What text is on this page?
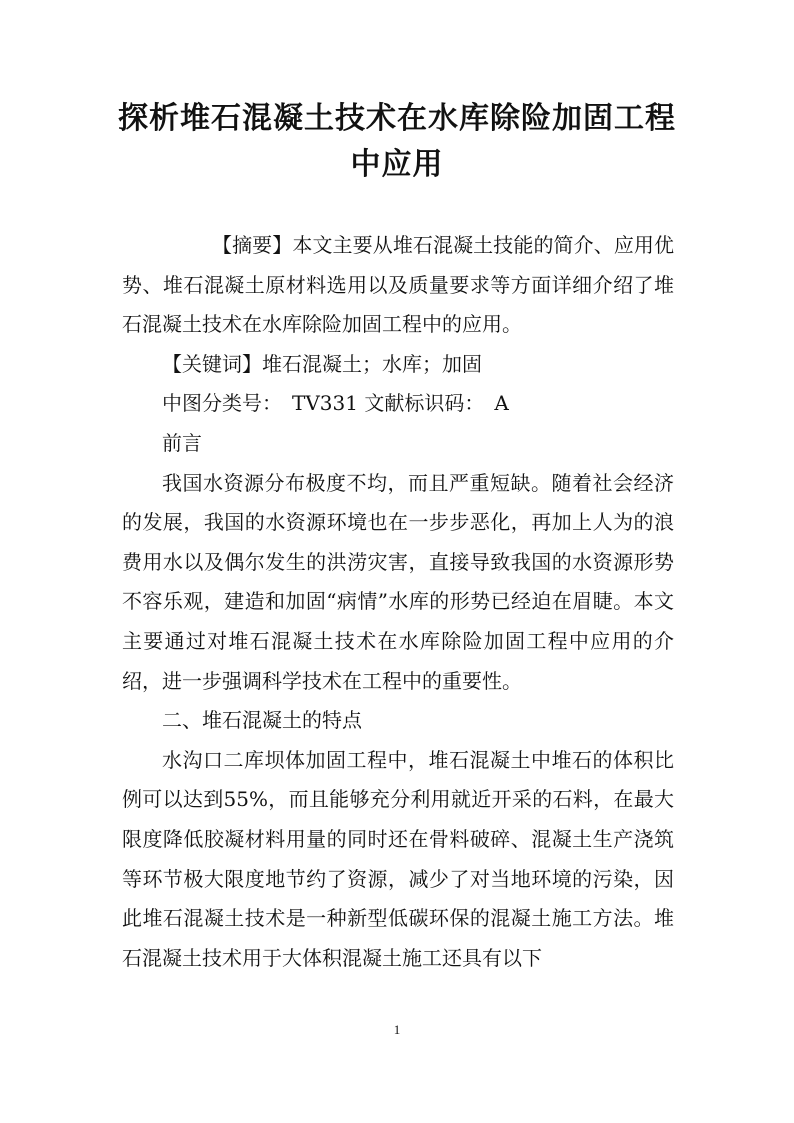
探析堆石混凝土技术在水库除险加固工程
中应用

【摘要】本文主要从堆石混凝土技能的简介、应用优势、堆石混凝土原材料选用以及质量要求等方面详细介绍了堆石混凝土技术在水库除险加固工程中的应用。

【关键词】堆石混凝土；水库；加固

中图分类号：　TV331 文献标识码：　A

前言

我国水资源分布极度不均，而且严重短缺。随着社会经济的发展，我国的水资源环境也在一步步恶化，再加上人为的浪费用水以及偶尔发生的洪涝灾害，直接导致我国的水资源形势不容乐观，建造和加固“病情”水库的形势已经迫在眉睫。本文主要通过对堆石混凝土技术在水库除险加固工程中应用的介绍，进一步强调科学技术在工程中的重要性。

二、堆石混凝土的特点

水沟口二库坝体加固工程中，堆石混凝土中堆石的体积比例可以达到55%，而且能够充分利用就近开采的石料，在最大限度降低胶凝材料用量的同时还在骨料破碎、混凝土生产浇筑等环节极大限度地节约了资源，减少了对当地环境的污染，因此堆石混凝土技术是一种新型低碳环保的混凝土施工方法。堆石混凝土技术用于大体积混凝土施工还具有以下

1
